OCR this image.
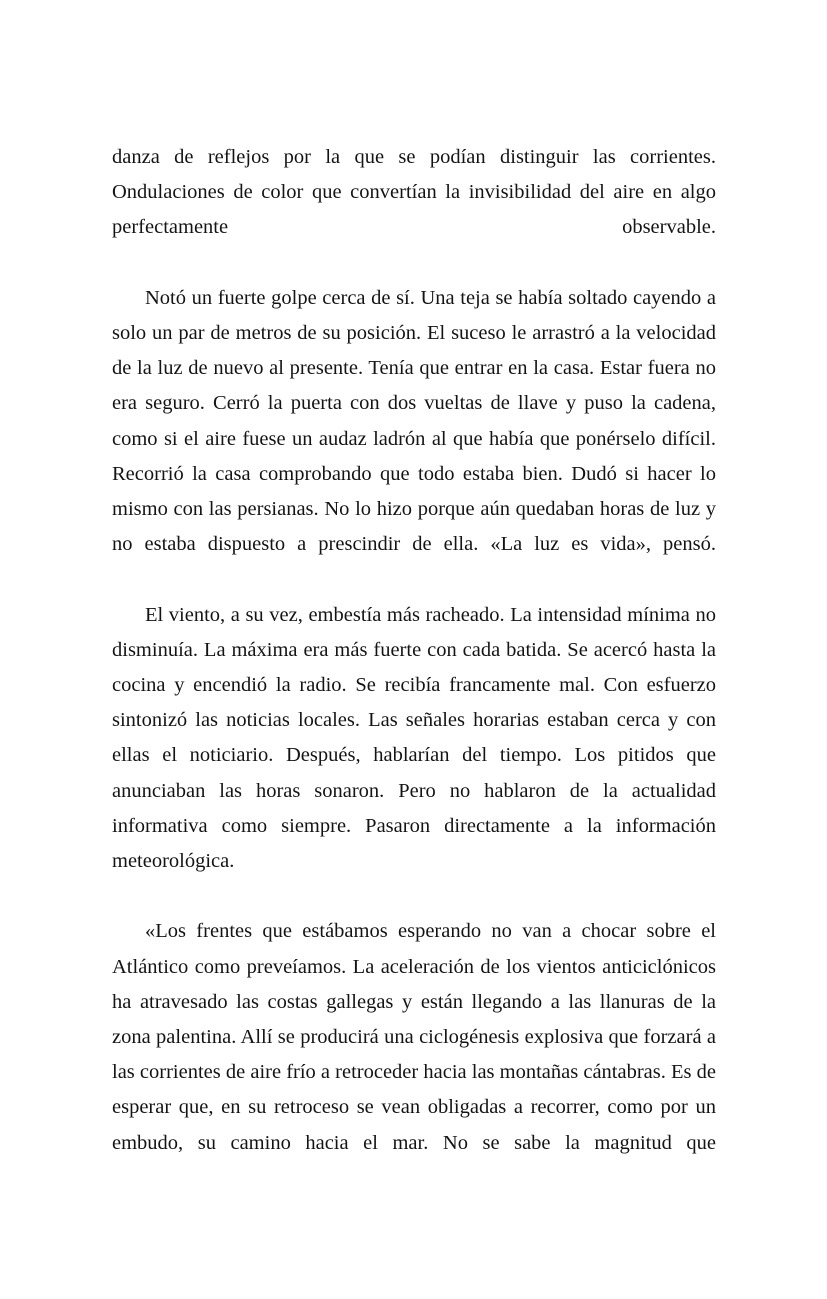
danza de reflejos por la que se podían distinguir las corrientes. Ondulaciones de color que convertían la invisibilidad del aire en algo perfectamente observable.

Notó un fuerte golpe cerca de sí. Una teja se había soltado cayendo a solo un par de metros de su posición. El suceso le arrastró a la velocidad de la luz de nuevo al presente. Tenía que entrar en la casa. Estar fuera no era seguro. Cerró la puerta con dos vueltas de llave y puso la cadena, como si el aire fuese un audaz ladrón al que había que ponérselo difícil. Recorrió la casa comprobando que todo estaba bien. Dudó si hacer lo mismo con las persianas. No lo hizo porque aún quedaban horas de luz y no estaba dispuesto a prescindir de ella. «La luz es vida», pensó.

El viento, a su vez, embestía más racheado. La intensidad mínima no disminuía. La máxima era más fuerte con cada batida. Se acercó hasta la cocina y encendió la radio. Se recibía francamente mal. Con esfuerzo sintonizó las noticias locales. Las señales horarias estaban cerca y con ellas el noticiario. Después, hablarían del tiempo. Los pitidos que anunciaban las horas sonaron. Pero no hablaron de la actualidad informativa como siempre. Pasaron directamente a la información meteorológica.

«Los frentes que estábamos esperando no van a chocar sobre el Atlántico como preveíamos. La aceleración de los vientos anticiclónicos ha atravesado las costas gallegas y están llegando a las llanuras de la zona palentina. Allí se producirá una ciclogénesis explosiva que forzará a las corrientes de aire frío a retroceder hacia las montañas cántabras. Es de esperar que, en su retroceso se vean obligadas a recorrer, como por un embudo, su camino hacia el mar. No se sabe la magnitud que
